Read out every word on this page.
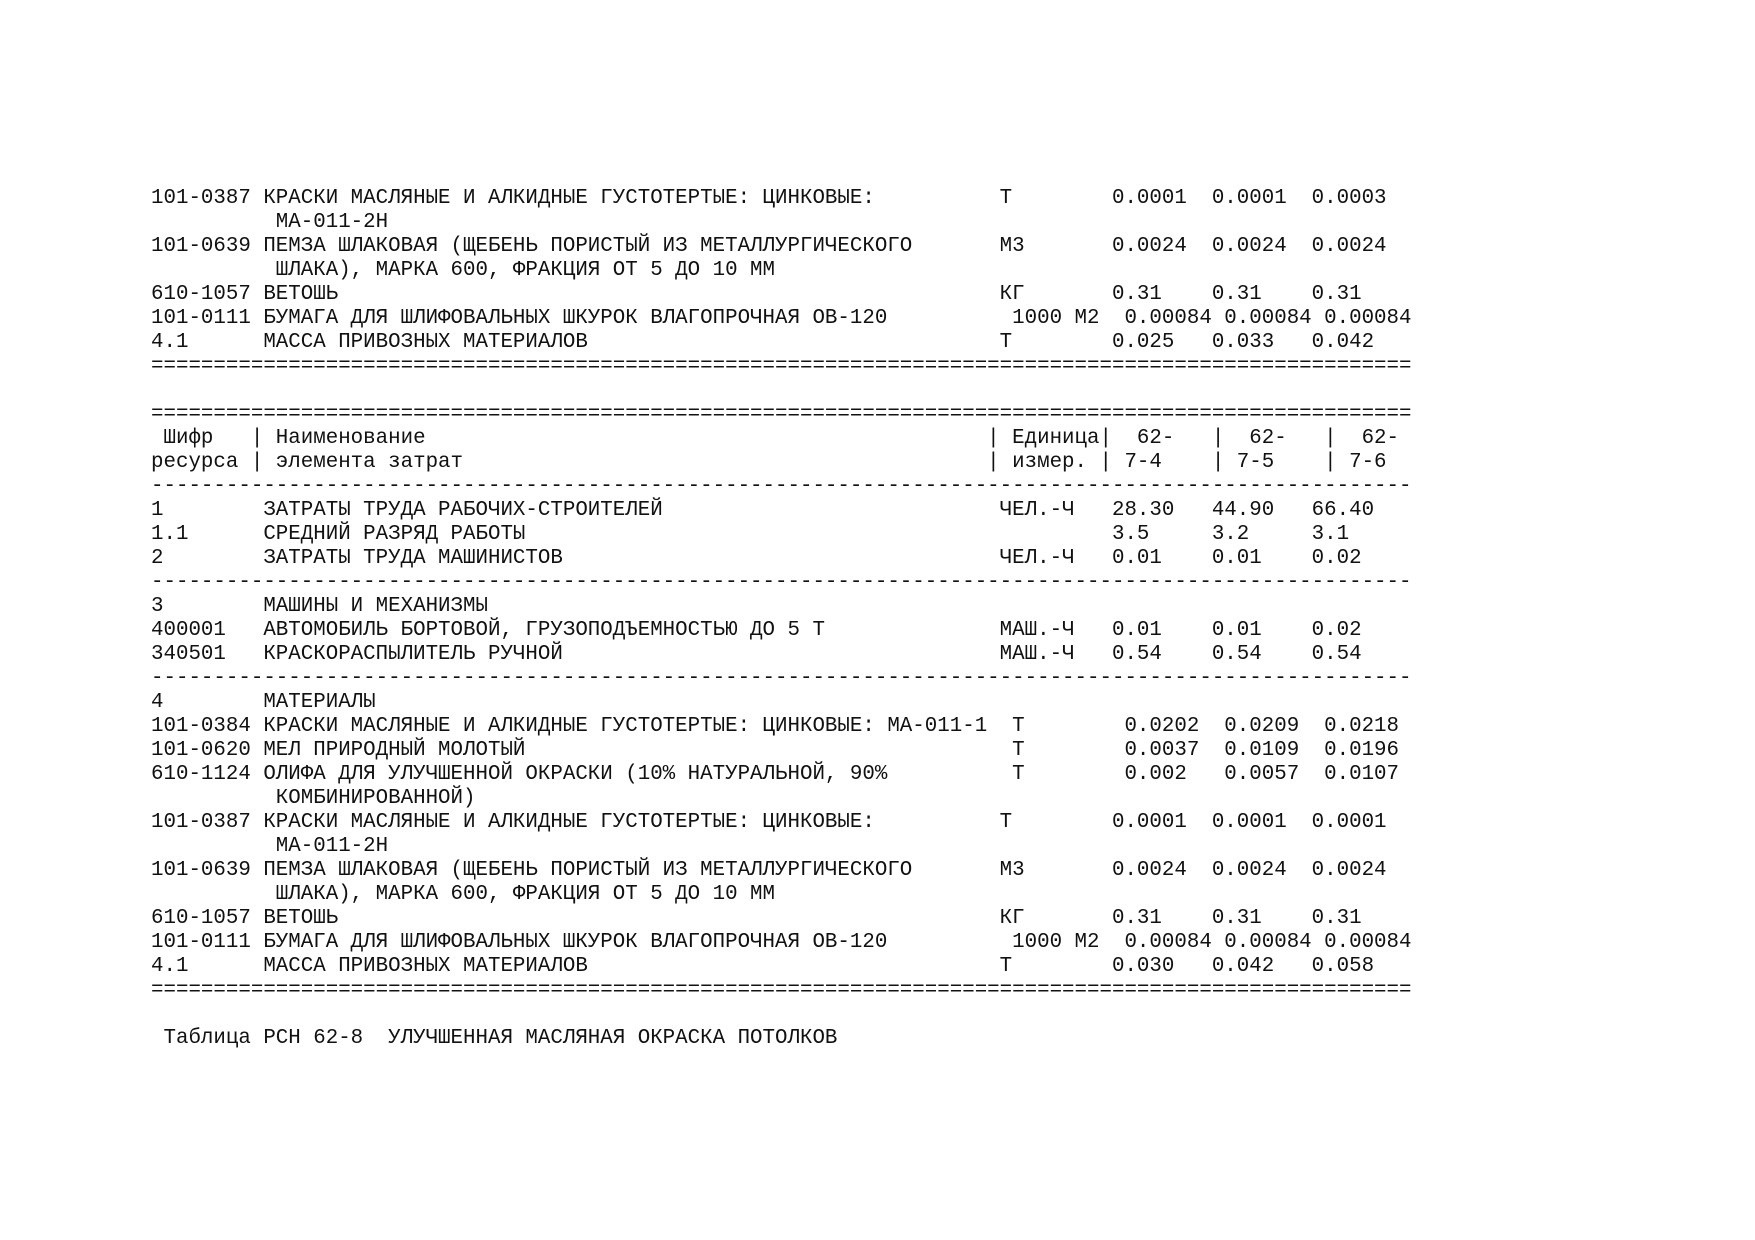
101-0387 КРАСКИ МАСЛЯНЫЕ И АЛКИДНЫЕ ГУСТОТЕРТЫЕ: ЦИНКОВЫЕ:          Т        0.0001  0.0001  0.0003
МА-011-2Н
101-0639 ПЕМЗА ШЛАКОВАЯ (ЩЕБЕНЬ ПОРИСТЫЙ ИЗ МЕТАЛЛУРГИЧЕСКОГО       М3       0.0024  0.0024  0.0024
ШЛАКА), МАРКА 600, ФРАКЦИЯ ОТ 5 ДО 10 ММ
610-1057 ВЕТОШЬ                                                     КГ       0.31    0.31    0.31
101-0111 БУМАГА ДЛЯ ШЛИФОВАЛЬНЫХ ШКУРОК ВЛАГОПРОЧНАЯ ОВ-120          1000 М2  0.00084 0.00084 0.00084
4.1      МАССА ПРИВОЗНЫХ МАТЕРИАЛОВ                                 Т        0.025   0.033   0.042
=====================================================================================================
=====================================================================================================
Шифр   | Наименование                                             | Единица|  62-   |  62-   |  62-
ресурса | элемента затрат                                          | измер. | 7-4    | 7-5    | 7-6
-----------------------------------------------------------------------------------------------------
1        ЗАТРАТЫ ТРУДА РАБОЧИХ-СТРОИТЕЛЕЙ                           ЧЕЛ.-Ч   28.30   44.90   66.40
1.1      СРЕДНИЙ РАЗРЯД РАБОТЫ                                               3.5     3.2     3.1
2        ЗАТРАТЫ ТРУДА МАШИНИСТОВ                                   ЧЕЛ.-Ч   0.01    0.01    0.02
-----------------------------------------------------------------------------------------------------
3        МАШИНЫ И МЕХАНИЗМЫ
400001   АВТОМОБИЛЬ БОРТОВОЙ, ГРУЗОПОДЪЕМНОСТЬЮ ДО 5 Т              МАШ.-Ч   0.01    0.01    0.02
340501   КРАСКОРАСПЫЛИТЕЛЬ РУЧНОЙ                                   МАШ.-Ч   0.54    0.54    0.54
-----------------------------------------------------------------------------------------------------
4        МАТЕРИАЛЫ
101-0384 КРАСКИ МАСЛЯНЫЕ И АЛКИДНЫЕ ГУСТОТЕРТЫЕ: ЦИНКОВЫЕ: МА-011-1  Т        0.0202  0.0209  0.0218
101-0620 МЕЛ ПРИРОДНЫЙ МОЛОТЫЙ                                       Т        0.0037  0.0109  0.0196
610-1124 ОЛИФА ДЛЯ УЛУЧШЕННОЙ ОКРАСКИ (10% НАТУРАЛЬНОЙ, 90%          Т        0.002   0.0057  0.0107
КОМБИНИРОВАННОЙ)
101-0387 КРАСКИ МАСЛЯНЫЕ И АЛКИДНЫЕ ГУСТОТЕРТЫЕ: ЦИНКОВЫЕ:          Т        0.0001  0.0001  0.0001
МА-011-2Н
101-0639 ПЕМЗА ШЛАКОВАЯ (ЩЕБЕНЬ ПОРИСТЫЙ ИЗ МЕТАЛЛУРГИЧЕСКОГО       М3       0.0024  0.0024  0.0024
ШЛАКА), МАРКА 600, ФРАКЦИЯ ОТ 5 ДО 10 ММ
610-1057 ВЕТОШЬ                                                     КГ       0.31    0.31    0.31
101-0111 БУМАГА ДЛЯ ШЛИФОВАЛЬНЫХ ШКУРОК ВЛАГОПРОЧНАЯ ОВ-120          1000 М2  0.00084 0.00084 0.00084
4.1      МАССА ПРИВОЗНЫХ МАТЕРИАЛОВ                                 Т        0.030   0.042   0.058
=====================================================================================================
Таблица РСН 62-8  УЛУЧШЕННАЯ МАСЛЯНАЯ ОКРАСКА ПОТОЛКОВ
